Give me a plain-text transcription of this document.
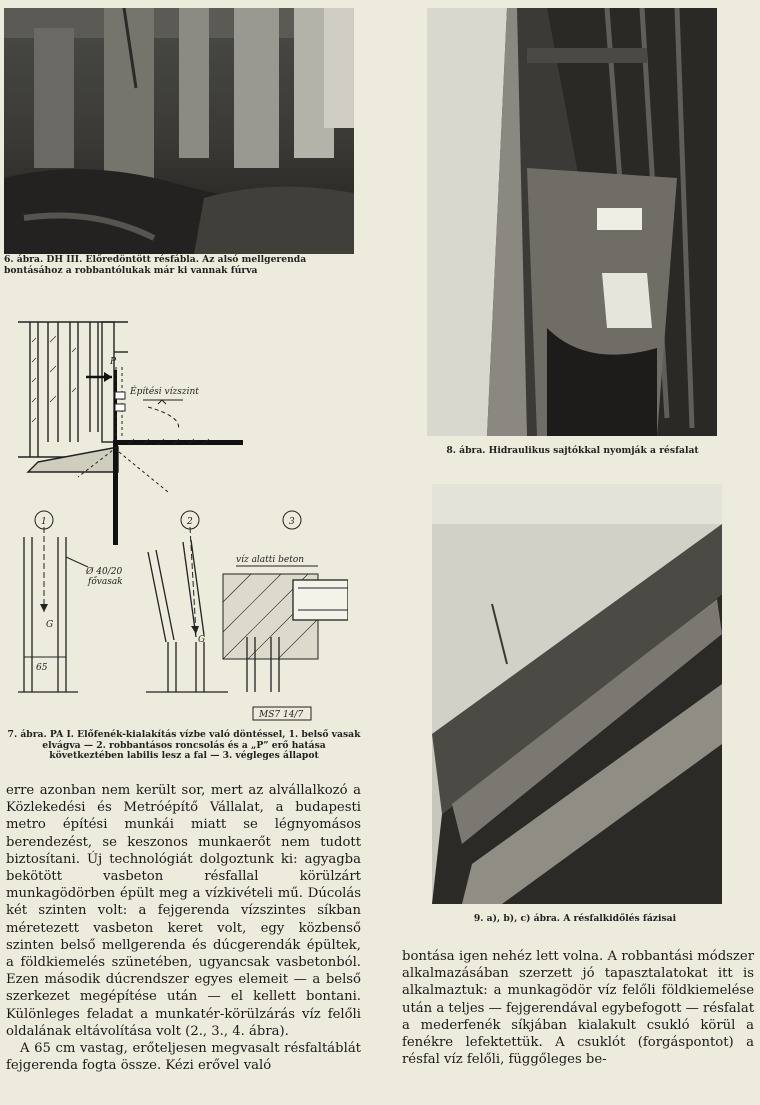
6. ábra. DH III. Előredöntött résfábla. Az alsó mellgerenda bontásához a robbantólukak már ki vannak fúrva
P
Építési vízszint
1	2	3
G
Ø 40/20
fővasak
65
G
víz alatti beton
MS7 14/7
7. ábra. PA I. Előfenék-kialakítás vízbe való döntéssel, 1. belső vasak elvágva — 2. robbantásos roncsolás és a „P” erő hatása következtében labilis lesz a fal — 3. végleges állapot

erre azonban nem került sor, mert az alvállalkozó a Közlekedési és Metróépítő Vállalat, a budapesti metro építési munkái miatt se légnyomásos berendezést, se keszonos munkaerőt nem tudott biztosítani. Új technológiát dolgoztunk ki: agyagba bekötött vasbeton résfallal körülzárt munkagödörben épült meg a vízkivételi mű. Dúcolás két szinten volt: a fejgerenda vízszintes síkban méretezett vasbeton keret volt, egy közbenső szinten belső mellgerenda és dúcgerendák épültek, a földkiemelés szünetében, ugyancsak vasbetonból. Ezen második dúcrendszer egyes elemeit — a belső szerkezet megépítése után — el kellett bontani. Különleges feladat a munkatér-körülzárás víz felőli oldalának eltávolítása volt (2., 3., 4. ábra).

A 65 cm vastag, erőteljesen megvasalt résfaltáblát fejgerenda fogta össze. Kézi erővel való

8. ábra. Hidraulikus sajtókkal nyomják a résfalat
9. a), b), c) ábra. A résfalkidőlés fázisai

bontása igen nehéz lett volna. A robbantási módszer alkalmazásában szerzett jó tapasztalatokat itt is alkalmaztuk: a munkagödör víz felőli földkiemelése után a teljes — fejgerendával egybefogott — résfalat a mederfenék síkjában kialakult csukló körül a fenékre lefektettük. A csuklót (forgáspontot) a résfal víz felőli, függőleges be-
